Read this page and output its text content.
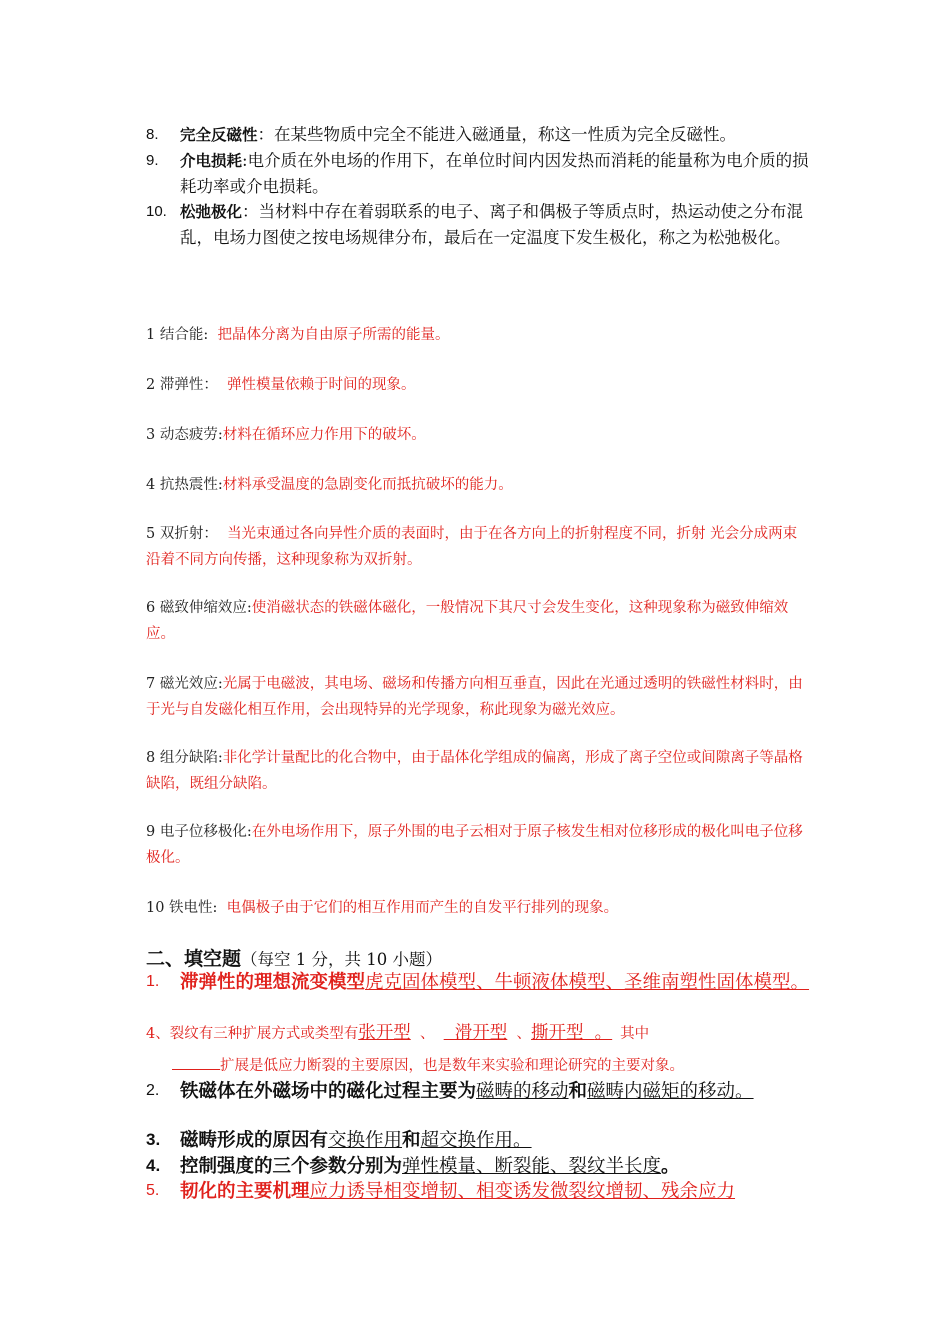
8.	完全反磁性：在某些物质中完全不能进入磁通量，称这一性质为完全反磁性。
9.	介电损耗:电介质在外电场的作用下，在单位时间内因发热而消耗的能量称为电介质的损耗功率或介电损耗。
10. 松弛极化：当材料中存在着弱联系的电子、离子和偶极子等质点时，热运动使之分布混乱，电场力图使之按电场规律分布，最后在一定温度下发生极化，称之为松弛极化。
1 结合能: 把晶体分离为自由原子所需的能量。
2 滞弹性： 弹性模量依赖于时间的现象。
3 动态疲劳:材料在循环应力作用下的破坏。
4 抗热震性:材料承受温度的急剧变化而抵抗破坏的能力。
5 双折射： 当光束通过各向异性介质的表面时，由于在各方向上的折射程度不同，折射 光会分成两束沿着不同方向传播，这种现象称为双折射。
6 磁致伸缩效应:使消磁状态的铁磁体磁化，一般情况下其尺寸会发生变化，这种现象称为磁致伸缩效应。
7 磁光效应:光属于电磁波，其电场、磁场和传播方向相互垂直，因此在光通过透明的铁磁性材料时，由于光与自发磁化相互作用，会出现特异的光学现象，称此现象为磁光效应。
8 组分缺陷:非化学计量配比的化合物中，由于晶体化学组成的偏离，形成了离子空位或间隙离子等晶格缺陷，既组分缺陷。
9 电子位移极化:在外电场作用下，原子外围的电子云相对于原子核发生相对位移形成的极化叫电子位移极化。
10 铁电性: 电偶极子由于它们的相互作用而产生的自发平行排列的现象。
二、填空题（每空 1 分，共 10 小题）
1.	滞弹性的理想流变模型虎克固体模型、牛顿液体模型、圣维南塑性固体模型。
4、裂纹有三种扩展方式或类型有张开型  、    滑开型  、撕开型  。 其中
扩展是低应力断裂的主要原因，也是数年来实验和理论研究的主要对象。
2.	铁磁体在外磁场中的磁化过程主要为磁畴的移动和磁畴内磁矩的移动。
3.	磁畴形成的原因有交换作用和超交换作用。
4.	控制强度的三个参数分别为弹性模量、断裂能、裂纹半长度。
5.	韧化的主要机理应力诱导相变增韧、相变诱发微裂纹增韧、残余应力
